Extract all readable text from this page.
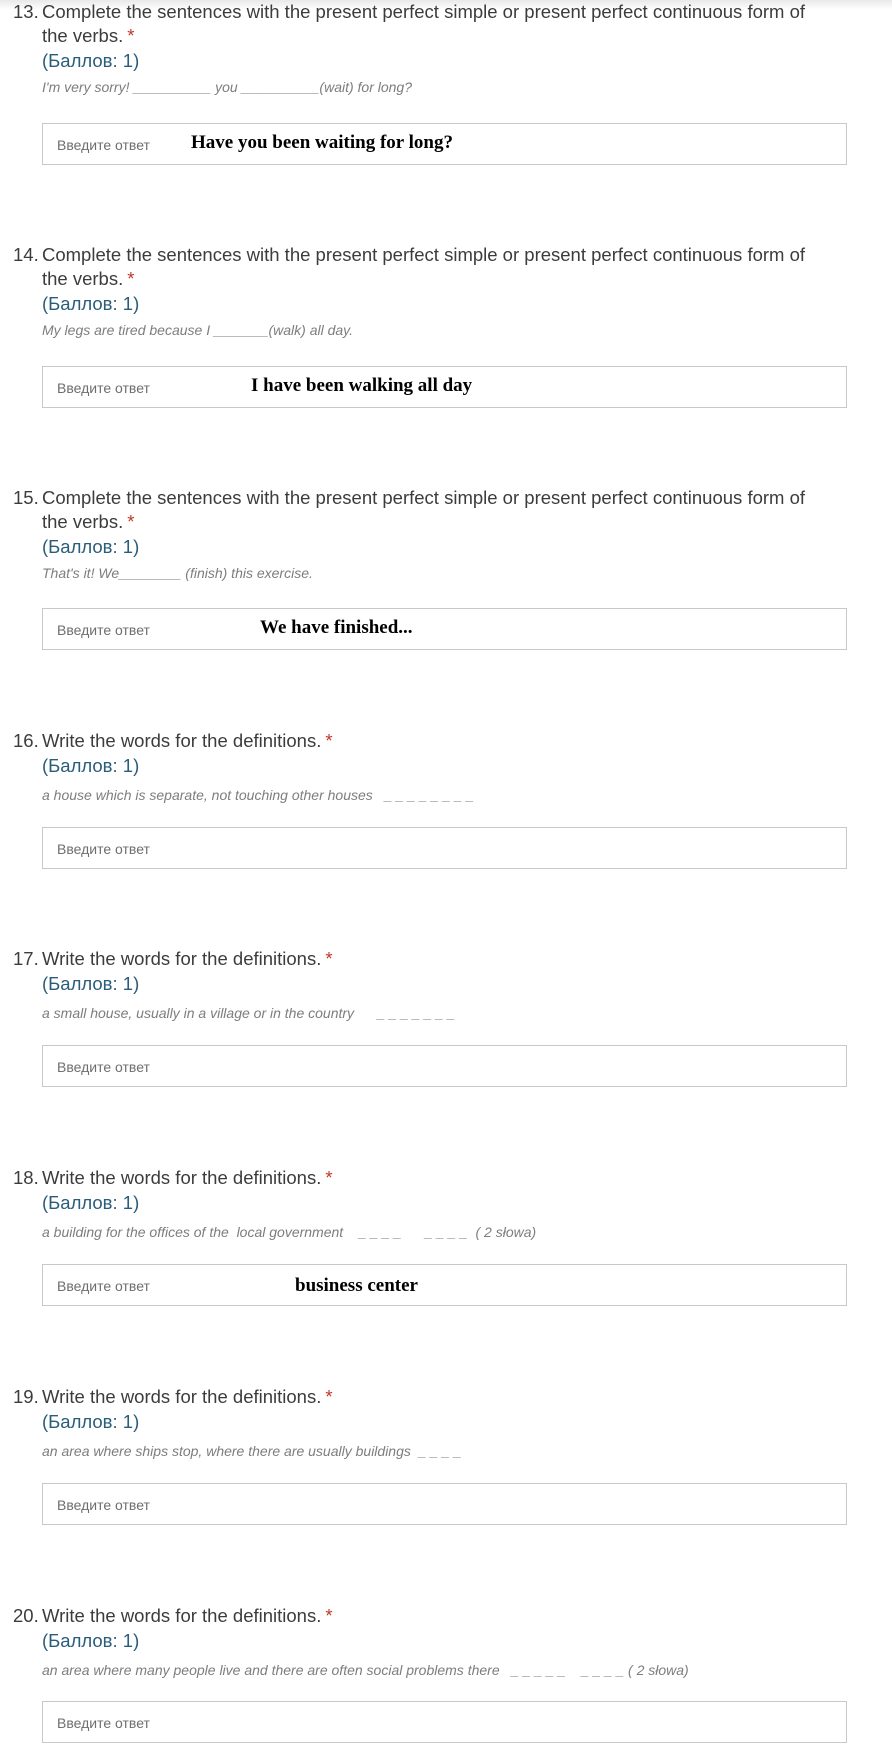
13. Complete the sentences with the present perfect simple or present perfect continuous form of
the verbs. *
(Баллов: 1)
I'm very sorry! __________ you __________(wait) for long?
Введите ответ Have you been waiting for long?
14. Complete the sentences with the present perfect simple or present perfect continuous form of
the verbs. *
(Баллов: 1)
My legs are tired because I _______(walk) all day.
Введите ответ	I have been walking all day
15. Complete the sentences with the present perfect simple or present perfect continuous form of
the verbs. *
(Баллов: 1)
That's it! We________ (finish) this exercise.
Введите ответ	We have finished...
16. Write the words for the definitions. *
(Баллов: 1)
a house which is separate, not touching other houses   _ _ _ _ _ _ _ _
Введите ответ
17. Write the words for the definitions. *
(Баллов: 1)
a small house, usually in a village or in the country      _ _ _ _ _ _ _
Введите ответ
18. Write the words for the definitions. *
(Баллов: 1)
a building for the offices of the  local government    _ _ _ _      _ _ _ _  ( 2 słowa)
Введите ответ	business center
19. Write the words for the definitions. *
(Баллов: 1)
an area where ships stop, where there are usually buildings  _ _ _ _
Введите ответ
20. Write the words for the definitions. *
(Баллов: 1)
an area where many people live and there are often social problems there   _ _ _ _ _    _ _ _ _ ( 2 słowa)
Введите ответ
